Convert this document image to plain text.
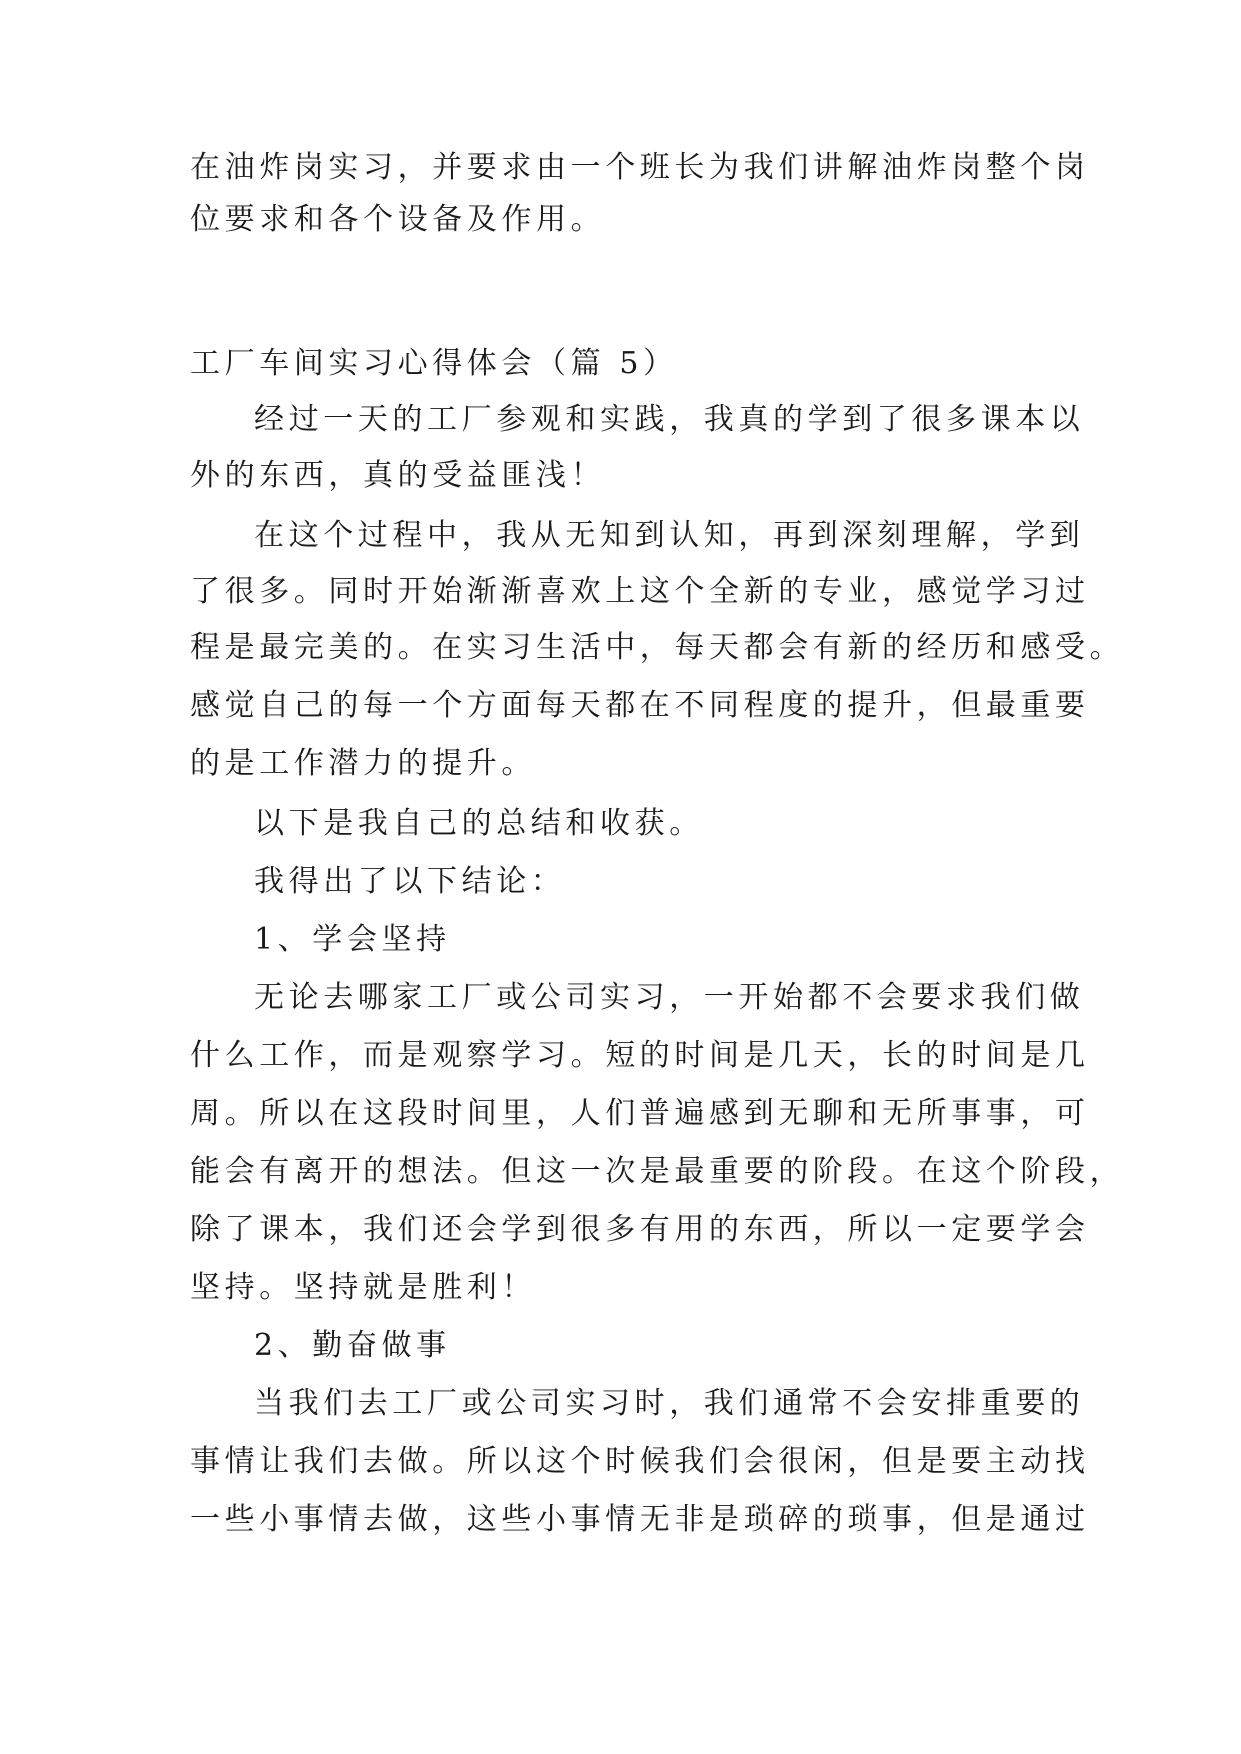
在油炸岗实习，并要求由一个班长为我们讲解油炸岗整个岗
位要求和各个设备及作用。
工厂车间实习心得体会（篇 5）
经过一天的工厂参观和实践，我真的学到了很多课本以
外的东西，真的受益匪浅！
在这个过程中，我从无知到认知，再到深刻理解，学到
了很多。同时开始渐渐喜欢上这个全新的专业，感觉学习过
程是最完美的。在实习生活中，每天都会有新的经历和感受。
感觉自己的每一个方面每天都在不同程度的提升，但最重要
的是工作潜力的提升。
以下是我自己的总结和收获。
我得出了以下结论：
1、学会坚持
无论去哪家工厂或公司实习，一开始都不会要求我们做
什么工作，而是观察学习。短的时间是几天，长的时间是几
周。所以在这段时间里，人们普遍感到无聊和无所事事，可
能会有离开的想法。但这一次是最重要的阶段。在这个阶段，
除了课本，我们还会学到很多有用的东西，所以一定要学会
坚持。坚持就是胜利！
2、勤奋做事
当我们去工厂或公司实习时，我们通常不会安排重要的
事情让我们去做。所以这个时候我们会很闲，但是要主动找
一些小事情去做，这些小事情无非是琐碎的琐事，但是通过
